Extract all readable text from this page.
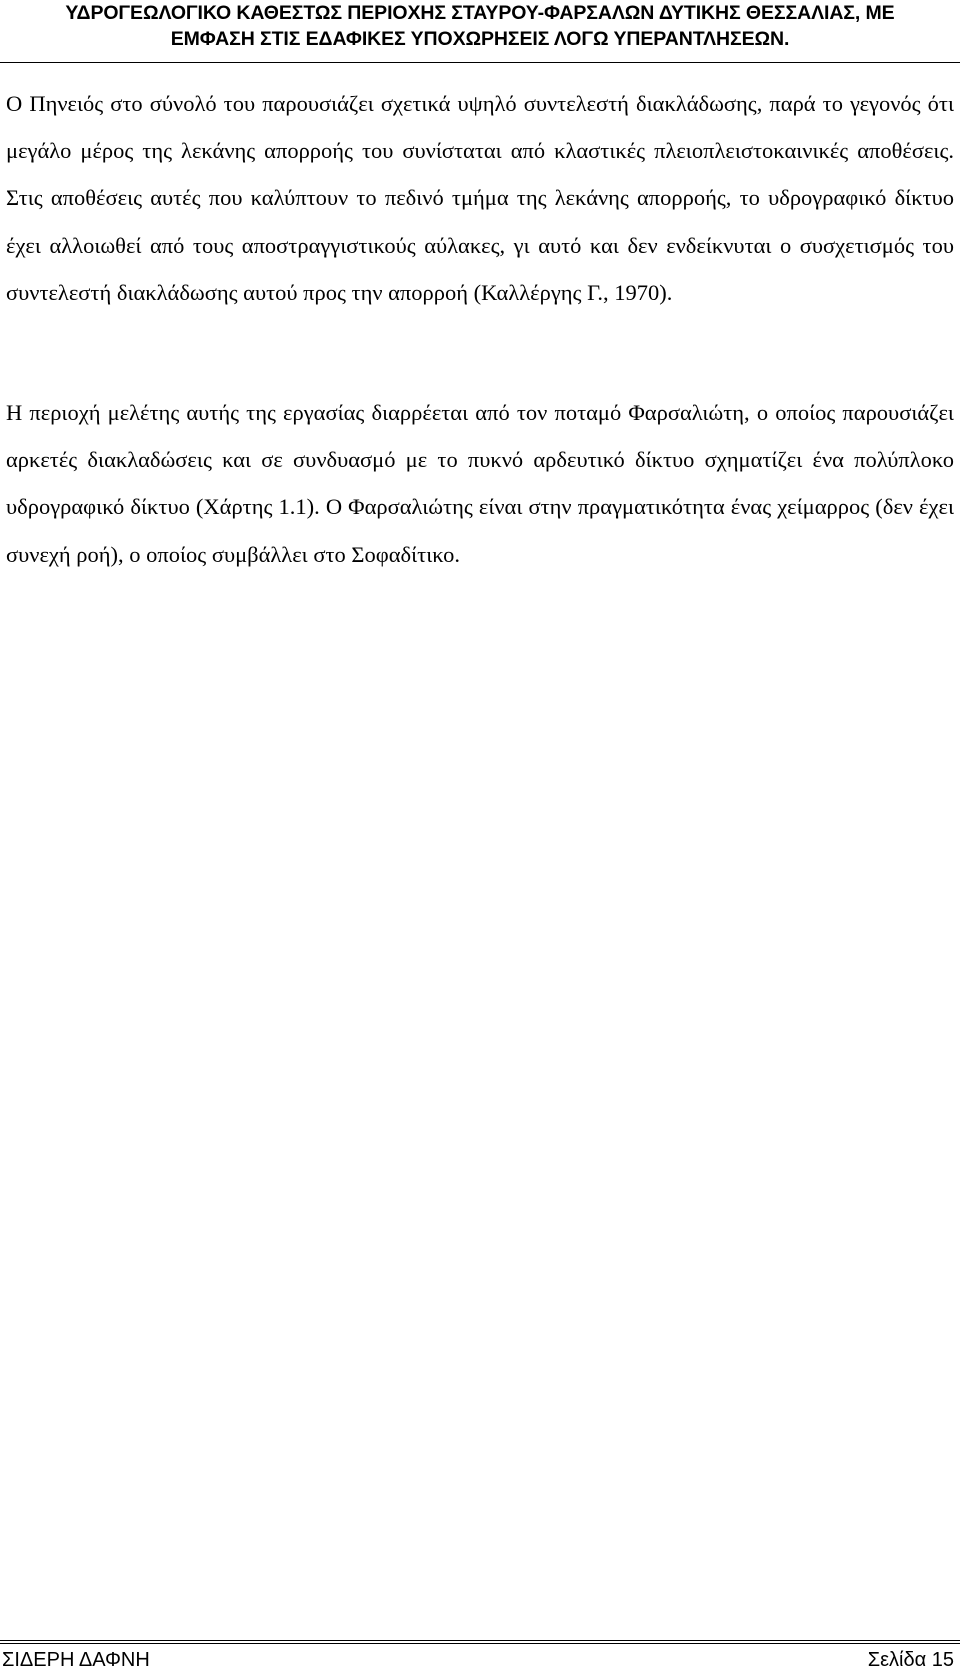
ΥΔΡΟΓΕΩΛΟΓΙΚΟ ΚΑΘΕΣΤΩΣ ΠΕΡΙΟΧΗΣ ΣΤΑΥΡΟΥ-ΦΑΡΣΑΛΩΝ ΔΥΤΙΚΗΣ ΘΕΣΣΑΛΙΑΣ, ΜΕ
ΕΜΦΑΣΗ ΣΤΙΣ ΕΔΑΦΙΚΕΣ ΥΠΟΧΩΡΗΣΕΙΣ ΛΟΓΩ ΥΠΕΡΑΝΤΛΗΣΕΩΝ.

Ο Πηνειός στο σύνολό του παρουσιάζει σχετικά υψηλό συντελεστή διακλάδωσης, παρά το γεγονός ότι μεγάλο μέρος της λεκάνης απορροής του συνίσταται από κλαστικές πλειοπλειστοκαινικές αποθέσεις. Στις αποθέσεις αυτές που καλύπτουν το πεδινό τμήμα της λεκάνης απορροής, το υδρογραφικό δίκτυο έχει αλλοιωθεί από τους αποστραγγιστικούς αύλακες, γι αυτό και δεν ενδείκνυται ο συσχετισμός του συντελεστή διακλάδωσης αυτού προς την απορροή (Καλλέργης Γ., 1970).

Η περιοχή μελέτης αυτής της εργασίας διαρρέεται από τον ποταμό Φαρσαλιώτη, ο οποίος παρουσιάζει αρκετές διακλαδώσεις και σε συνδυασμό με το πυκνό αρδευτικό δίκτυο σχηματίζει ένα πολύπλοκο υδρογραφικό δίκτυο (Χάρτης 1.1). Ο Φαρσαλιώτης είναι στην πραγματικότητα ένας χείμαρρος (δεν έχει συνεχή ροή), ο οποίος συμβάλλει στο Σοφαδίτικο.

ΣΙΔΕΡΗ ΔΑΦΝΗ	Σελίδα 15
